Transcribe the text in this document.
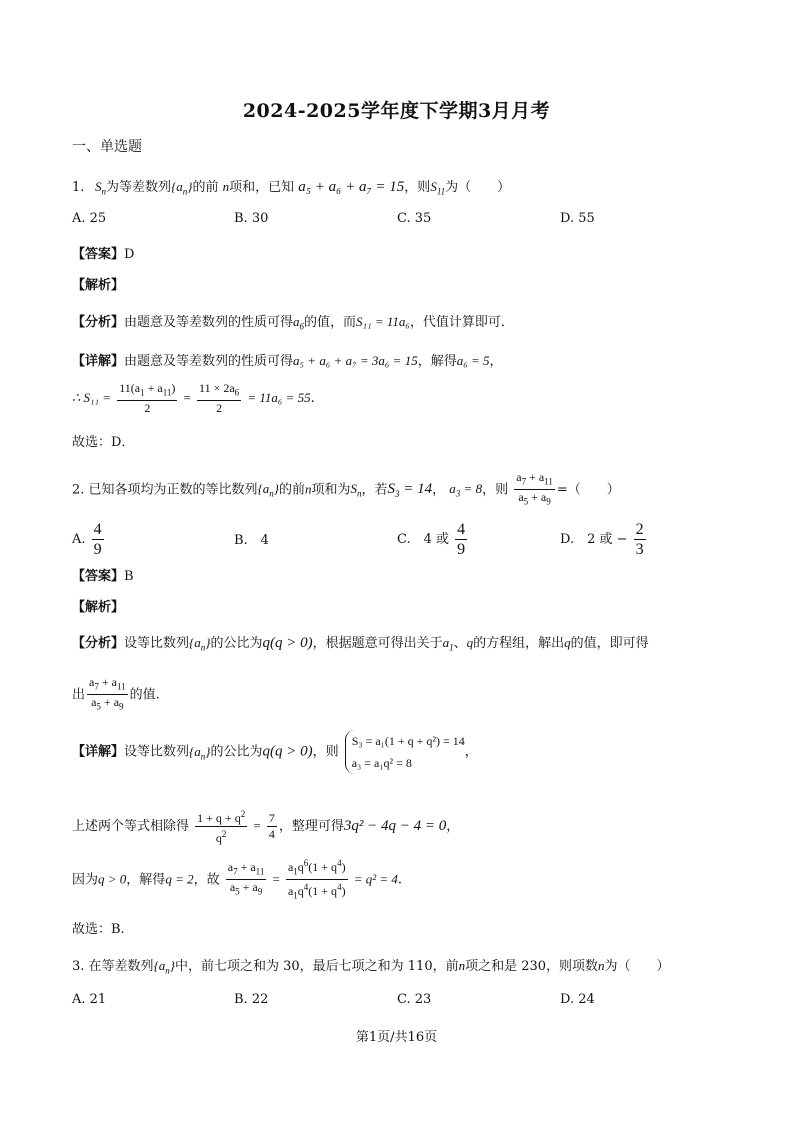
2024-2025学年度下学期3月月考
一、单选题
1.   $S_n$为等差数列$\{a_n\}$的前 n项和，已知 a₅ + a₆ + a₇ = 15，则$S_{11}$为（　　）
A. 25	B. 30	C. 35	D. 55
【答案】D
【解析】
【分析】由题意及等差数列的性质可得$a_6$的值，而S₁₁ = 11a₆，代值计算即可．
【详解】由题意及等差数列的性质可得a₅ + a₆ + a₇ = 3a₆ = 15，解得a₆ = 5，
∴ $S_{11} = \frac{11(a_1 + a_{11})}{2} = \frac{11 \times 2a_6}{2} = 11a_6 = 55$.
故选：D．
2. 已知各项均为正数的等比数列$\{a_n\}$的前n项和为$S_n$，若$S_3 = 14$， $a_3 = 8$，则 $\frac{a_7 + a_{11}}{a_5 + a_9}$ =（　　）
A. $\frac{4}{9}$	B.　4	C.　4 或 $\frac{4}{9}$	D.　2 或 − $\frac{2}{3}$
【答案】B
【解析】
【分析】设等比数列$\{a_n\}$的公比为q(q > 0)，根据题意可得出关于$a_1$、q的方程组，解出q的值，即可得
出 $\frac{a_7 + a_{11}}{a_5 + a_9}$ 的值.
【详解】设等比数列$\{a_n\}$的公比为q(q > 0)，则
S₃ = a₁(1 + q + q²) = 14
a₃ = a₁q² = 8
，
上述两个等式相除得 $\frac{1 + q + q^2}{q^2} = \frac{7}{4}$ ，整理可得3q² − 4q − 4 = 0，
因为q > 0，解得q = 2，故 $\frac{a_7 + a_{11}}{a_5 + a_9} = \frac{a_1q^6(1 + q^4)}{a_1q^4(1 + q^4)} = q^2 = 4$.
故选：B.
3. 在等差数列$\{a_n\}$中，前七项之和为 30，最后七项之和为 110，前n项之和是 230，则项数n为（　　）
A. 21	B. 22	C. 23	D. 24
第1页/共16页
